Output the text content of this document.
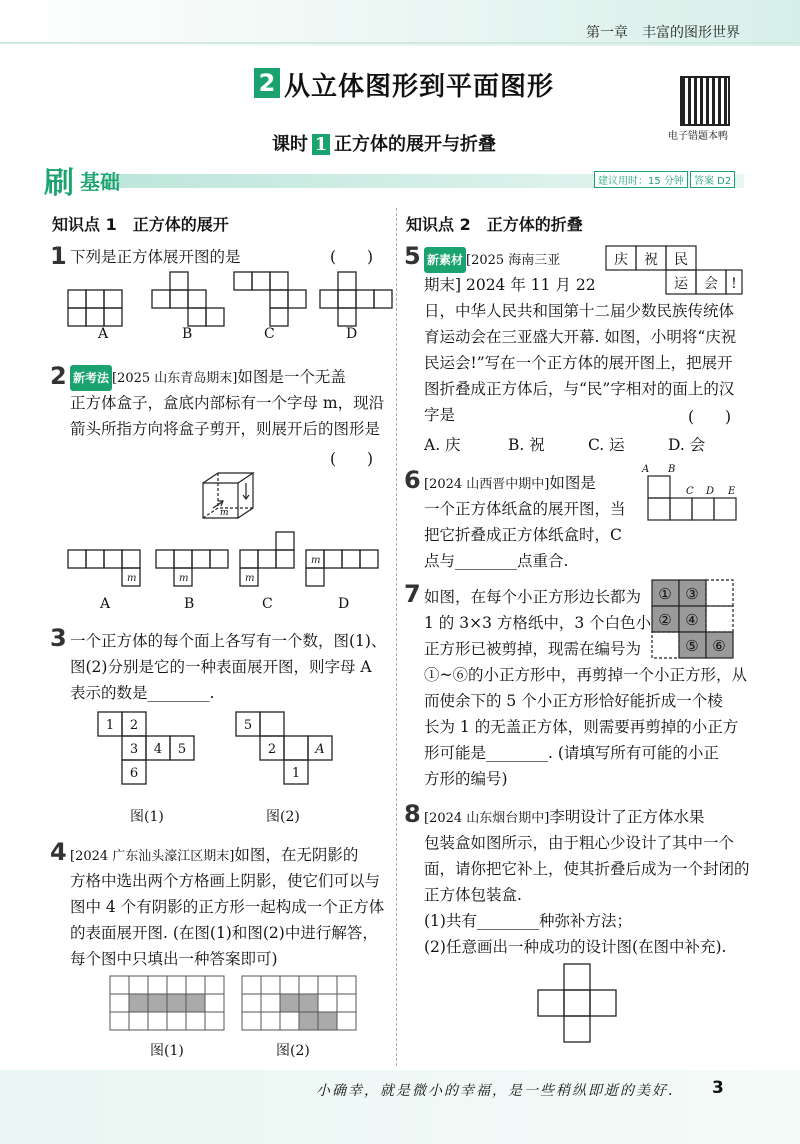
第一章　丰富的图形世界
2 从立体图形到平面图形
电子错题本鸭
课时 1 正方体的展开与折叠
刷 基础	建议用时：15 分钟	答案 D2
知识点 1　正方体的展开
1 下列是正方体展开图的是	(　　)
A	B	C	D
2 新考法 [2025 山东青岛期末]如图是一个无盖
正方体盒子，盒底内部标有一个字母 m，现沿
箭头所指方向将盒子剪开，则展开后的图形是
(　　)
m
m	m	m
m
A	B	C	D
3 一个正方体的每个面上各写有一个数，图(1)、
图(2)分别是它的一种表面展开图，则字母 A
表示的数是________.
1 2
3 4 5
6
5
2	A
1
图(1)	图(2)
4 [2024 广东汕头濠江区期末]如图，在无阴影的
方格中选出两个方格画上阴影，使它们可以与
图中 4 个有阴影的正方形一起构成一个正方体
的表面展开图. (在图(1)和图(2)中进行解答，
每个图中只填出一种答案即可)
图(1)	图(2)
知识点 2　正方体的折叠
5 新素材 [2025 海南三亚	庆 祝 民
运 会 !
期末] 2024 年 11 月 22
日，中华人民共和国第十二届少数民族传统体
育运动会在三亚盛大开幕. 如图，小明将“庆祝
民运会!”写在一个正方体的展开图上，把展开
图折叠成正方体后，与“民”字相对的面上的汉
字是	(　　)
A. 庆	B. 祝	C. 运	D. 会
6 [2024 山西晋中期中]如图是
一个正方体纸盒的展开图，当
把它折叠成正方体纸盒时，C
点与________点重合.
A B
C D E
7 如图，在每个小正方形边长都为
1 的 3×3 方格纸中，3 个白色小
正方形已被剪掉，现需在编号为
①~⑥的小正方形中，再剪掉一个小正方形，从
而使余下的 5 个小正方形恰好能折成一个棱
长为 1 的无盖正方体，则需要再剪掉的小正方
形可能是________. (请填写所有可能的小正
方形的编号)
① ③
② ④
⑤ ⑥
8 [2024 山东烟台期中]李明设计了正方体水果
包装盒如图所示，由于粗心少设计了其中一个
面，请你把它补上，使其折叠后成为一个封闭的
正方体包装盒.
(1)共有________种弥补方法；
(2)任意画出一种成功的设计图(在图中补充).
小确幸，就是微小的幸福，是一些稍纵即逝的美好. 3
